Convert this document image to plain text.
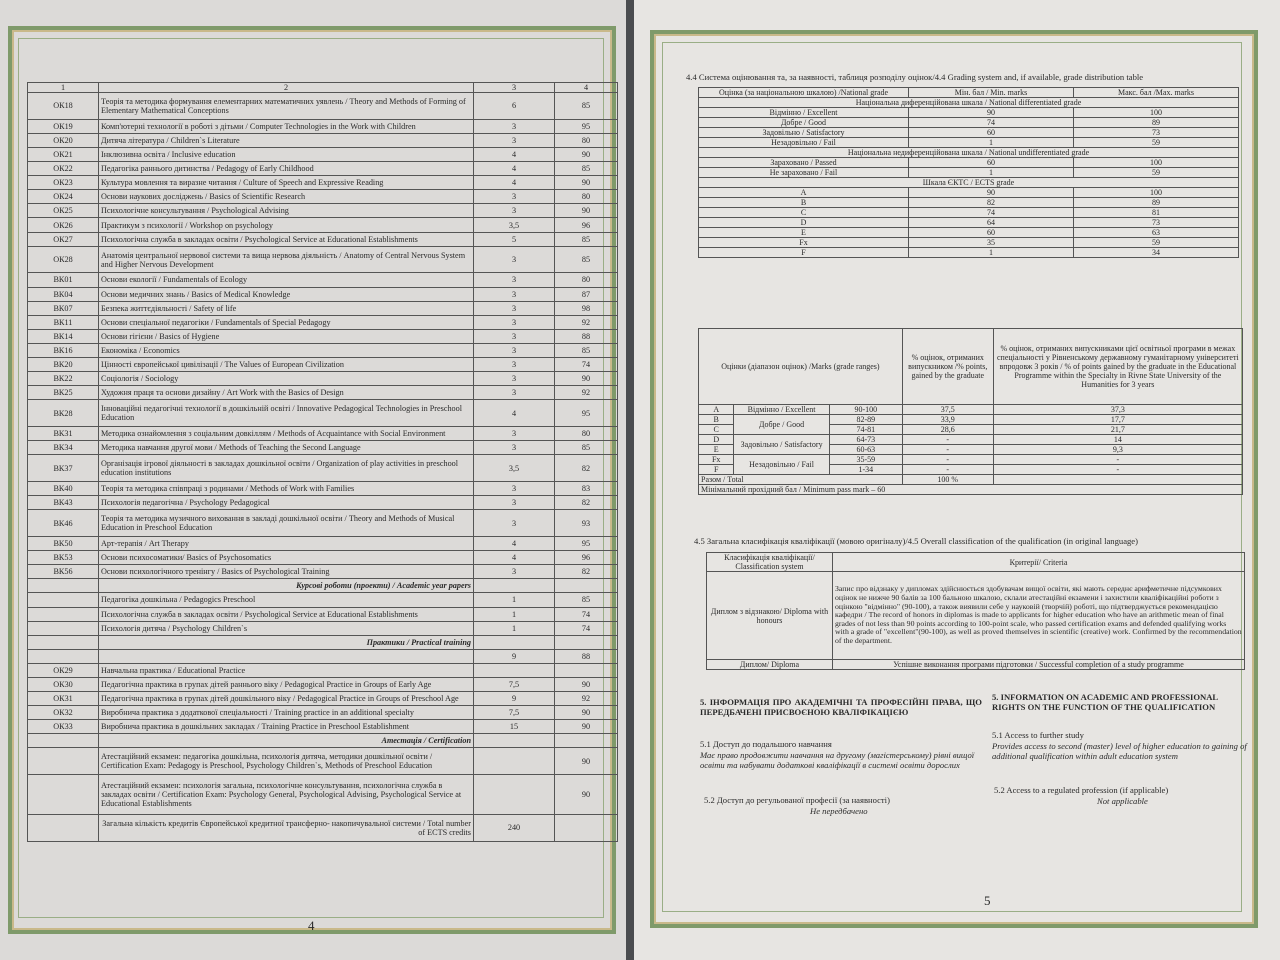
1	2	3	4
ОК18	Теорія та методика формування елементарних математичних уявлень / Theory and Methods of Forming of Elementary Mathematical Conceptions	6	85
ОК19	Комп'ютерні технології в роботі з дітьми / Computer Technologies in the Work with Children	3	95
ОК20	Дитяча література / Children`s Literature	3	80
ОК21	Інклюзивна освіта / Inclusive education	4	90
ОК22	Педагогіка раннього дитинства / Pedagogy of Early Childhood	4	85
ОК23	Культура мовлення та виразне читання / Culture of Speech and Expressive Reading	4	90
ОК24	Основи наукових досліджень / Basics of Scientific Research	3	80
ОК25	Психологічне консультування / Psychological Advising	3	90
ОК26	Практикум з психології / Workshop on psychology	3,5	96
ОК27	Психологічна служба в закладах освіти / Psychological Service at Educational Establishments	5	85
ОК28	Анатомія центральної нервової системи та вища нервова діяльність / Anatomy of Central Nervous System and Higher Nervous Development	3	85
ВК01	Основи екології / Fundamentals of Ecology	3	80
ВК04	Основи медичних знань / Basics of Medical Knowledge	3	87
ВК07	Безпека життєдіяльності / Safety of life	3	98
ВК11	Основи спеціальної педагогіки / Fundamentals of Special Pedagogy	3	92
ВК14	Основи гігієни / Basics of Hygiene	3	88
ВК16	Економіка / Economics	3	85
ВК20	Цінності європейської цивілізації / The Values of European Civilization	3	74
ВК22	Соціологія / Sociology	3	90
ВК25	Художня праця та основи дизайну / Art Work with the Basics of Design	3	92
ВК28	Інноваційні педагогічні технології в дошкільній освіті / Innovative Pedagogical Technologies in Preschool Education	4	95
ВК31	Методика ознайомлення з соціальним довкіллям / Methods of Acquaintance with Social Environment	3	80
ВК34	Методика навчання другої мови / Methods of Teaching the Second Language	3	85
ВК37	Організація ігрової діяльності в закладах дошкільної освіти / Organization of play activities in preschool education institutions	3,5	82
ВК40	Теорія та методика співпраці з родинами / Methods of Work with Families	3	83
ВК43	Психологія педагогічна / Psychology Pedagogical	3	82
ВК46	Теорія та методика музичного виховання в закладі дошкільної освіти / Theory and Methods of Musical Education in Preschool Education	3	93
ВК50	Арт-терапія / Art Therapy	4	95
ВК53	Основи психосоматики/ Basics of Psychosomatics	4	96
ВК56	Основи психологічного тренінгу / Basics of Psychological Training	3	82
	Курсові роботи (проекти) / Academic year papers		
	Педагогіка дошкільна / Pedagogics Preschool	1	85
	Психологічна служба в закладах освіти / Psychological Service at Educational Establishments	1	74
	Психологія дитяча / Psychology Children`s	1	74
	Практики / Practical training		
		9	88
ОК29	Навчальна практика / Educational Practice		
ОК30	Педагогічна практика в групах дітей раннього віку / Pedagogical Practice in Groups of Early Age	7,5	90
ОК31	Педагогічна практика в групах дітей дошкільного віку / Pedagogical Practice in Groups of Preschool Age	9	92
ОК32	Виробнича практика з додаткової спеціальності / Training practice in an additional specialty	7,5	90
ОК33	Виробнича практика в дошкільних закладах / Training Practice in Preschool Establishment	15	90
	Атестація / Certification		
	Атестаційний екзамен: педагогіка дошкільна, психологія дитяча, методики дошкільної освіти / Certification Exam: Pedagogy is Preschool, Psychology Children`s, Methods of Preschool Education		90
	Атестаційний екзамен: психологія загальна, психологічне консультування, психологічна служба в закладах освіти / Certification Exam: Psychology General, Psychological Advising, Psychological Service at Educational Establishments		90
	Загальна кількість кредитів Європейської кредитної трансферно- накопичувальної системи / Total number of ECTS credits	240	
4
4.4 Система оцінювання та, за наявності, таблиця розподілу оцінок/4.4 Grading system and, if available, grade distribution table
Оцінка (за національною шкалою) /National grade	Мін. бал / Min. marks	Макс. бал /Max. marks
Національна диференційована шкала / National differentiated grade		
Відмінно / Excellent	90	100
Добре / Good	74	89
Задовільно / Satisfactory	60	73
Незадовільно / Fail	1	59
Національна недиференційована шкала / National undifferentiated grade		
Зараховано / Passed	60	100
Не зараховано / Fail	1	59
Шкала ЄКТС / ECTS grade		
A	90	100
B	82	89
C	74	81
D	64	73
E	60	63
Fx	35	59
F	1	34
Оцінки (діапазон оцінок) /Marks (grade ranges)			% оцінок, отриманих випускником /% points, gained by the graduate	% оцінок, отриманих випускниками цієї освітньої програми в межах спеціальності у Рівненському державному гуманітарному університеті впродовж 3 років / % of points gained by the graduate in the Educational Programme within the Specialty in Rivne State University of the Humanities for 3 years
A	Відмінно / Excellent	90-100	37,5	37,3
B	Добре / Good	82-89	33,9	17,7
C		74-81	28,6	21,7
D	Задовільно / Satisfactory	64-73	-	14
E		60-63	-	9,3
Fx	Незадовільно / Fail	35-59	-	-
F		1-34	-	-
Разом / Total			100 %	
Мінімальний прохідний бал / Minimum pass mark – 60				
4.5 Загальна класифікація кваліфікації (мовою оригіналу)/4.5 Overall classification of the qualification (in original language)
Класифікація кваліфікації/ Classification system	Критерії/ Criteria
Диплом з відзнакою/ Diploma with honours	Запис про відзнаку у дипломах здійснюється здобувачам вищої освіти, які мають середнє арифметичне підсумкових оцінок не нижче 90 балів за 100 бальною шкалою, склали атестаційні екзамени і захистили кваліфікаційні роботи з оцінкою "відмінно" (90-100), а також виявили себе у науковій (творчій) роботі, що підтверджується рекомендацією кафедри / The record of honors in diplomas is made to applicants for higher education who have an arithmetic mean of final grades of not less than 90 points according to 100-point scale, who passed certification exams and defended qualifying works with a grade of "excellent"(90-100), as well as proved themselves in scientific (creative) work. Confirmed by the recommendation of the department.
Диплом/ Diploma	Успішне виконання програми підготовки / Successful completion of a study programme
5. ІНФОРМАЦІЯ ПРО АКАДЕМІЧНІ ТА ПРОФЕСІЙНІ ПРАВА, ЩО ПЕРЕДБАЧЕНІ ПРИСВОЄНОЮ КВАЛІФІКАЦІЄЮ
5. INFORMATION ON ACADEMIC AND PROFESSIONAL RIGHTS ON THE FUNCTION OF THE QUALIFICATION
5.1 Доступ до подальшого навчання
Має право продовжити навчання на другому (магістерському) рівні вищої освіти та набувати додаткові кваліфікації в системі освіти дорослих
5.1 Access to further study
Provides access to second (master) level of higher education to gaining of additional qualification within adult education system
5.2 Доступ до регульованої професії (за наявності)
Не передбачено
5.2 Access to a regulated profession (if applicable)
Not applicable
5
